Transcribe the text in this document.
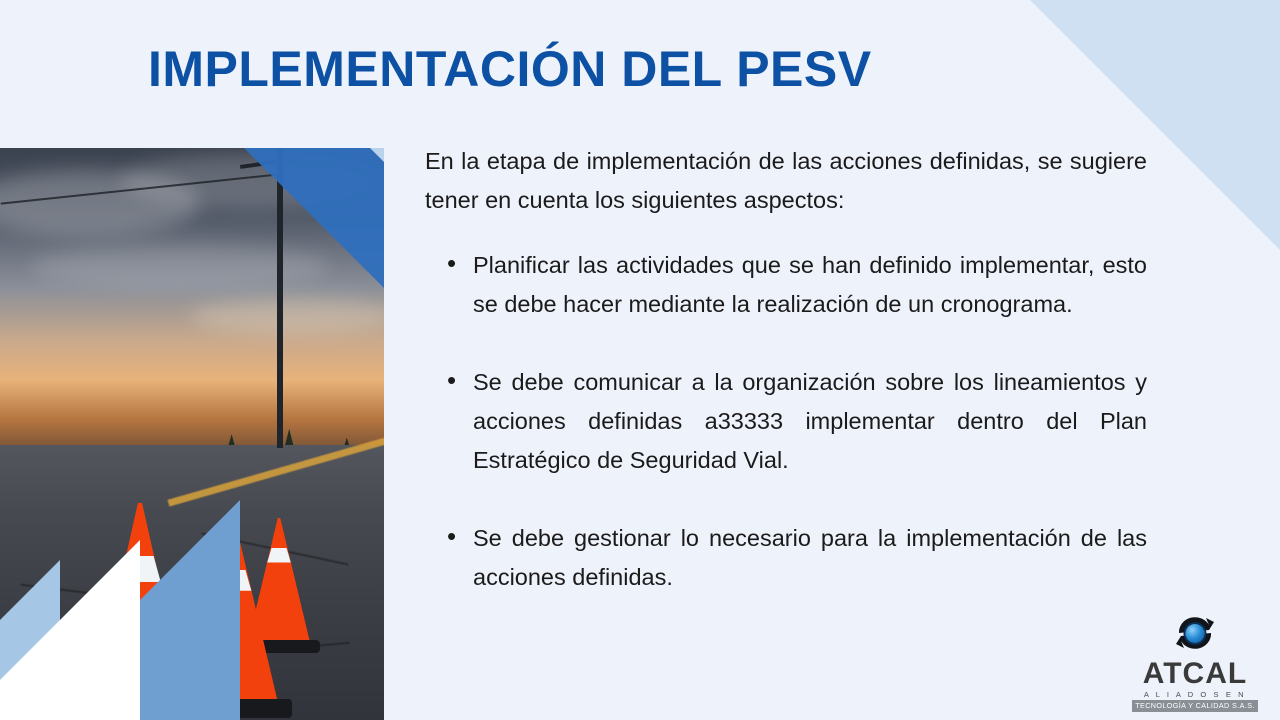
IMPLEMENTACIÓN DEL PESV
PWGSC

En la etapa de implementación de las acciones definidas, se sugiere tener en cuenta los siguientes aspectos:

• Planificar las actividades que se han definido implementar, esto se debe hacer mediante la realización de un cronograma.
• Se debe comunicar a la organización sobre los lineamientos y acciones definidas a33333 implementar dentro del Plan Estratégico de Seguridad Vial.
• Se debe gestionar lo necesario para la implementación de las acciones definidas.
ATCAL
A L I A D O S E N
TECNOLOGÍA Y CALIDAD S.A.S.
